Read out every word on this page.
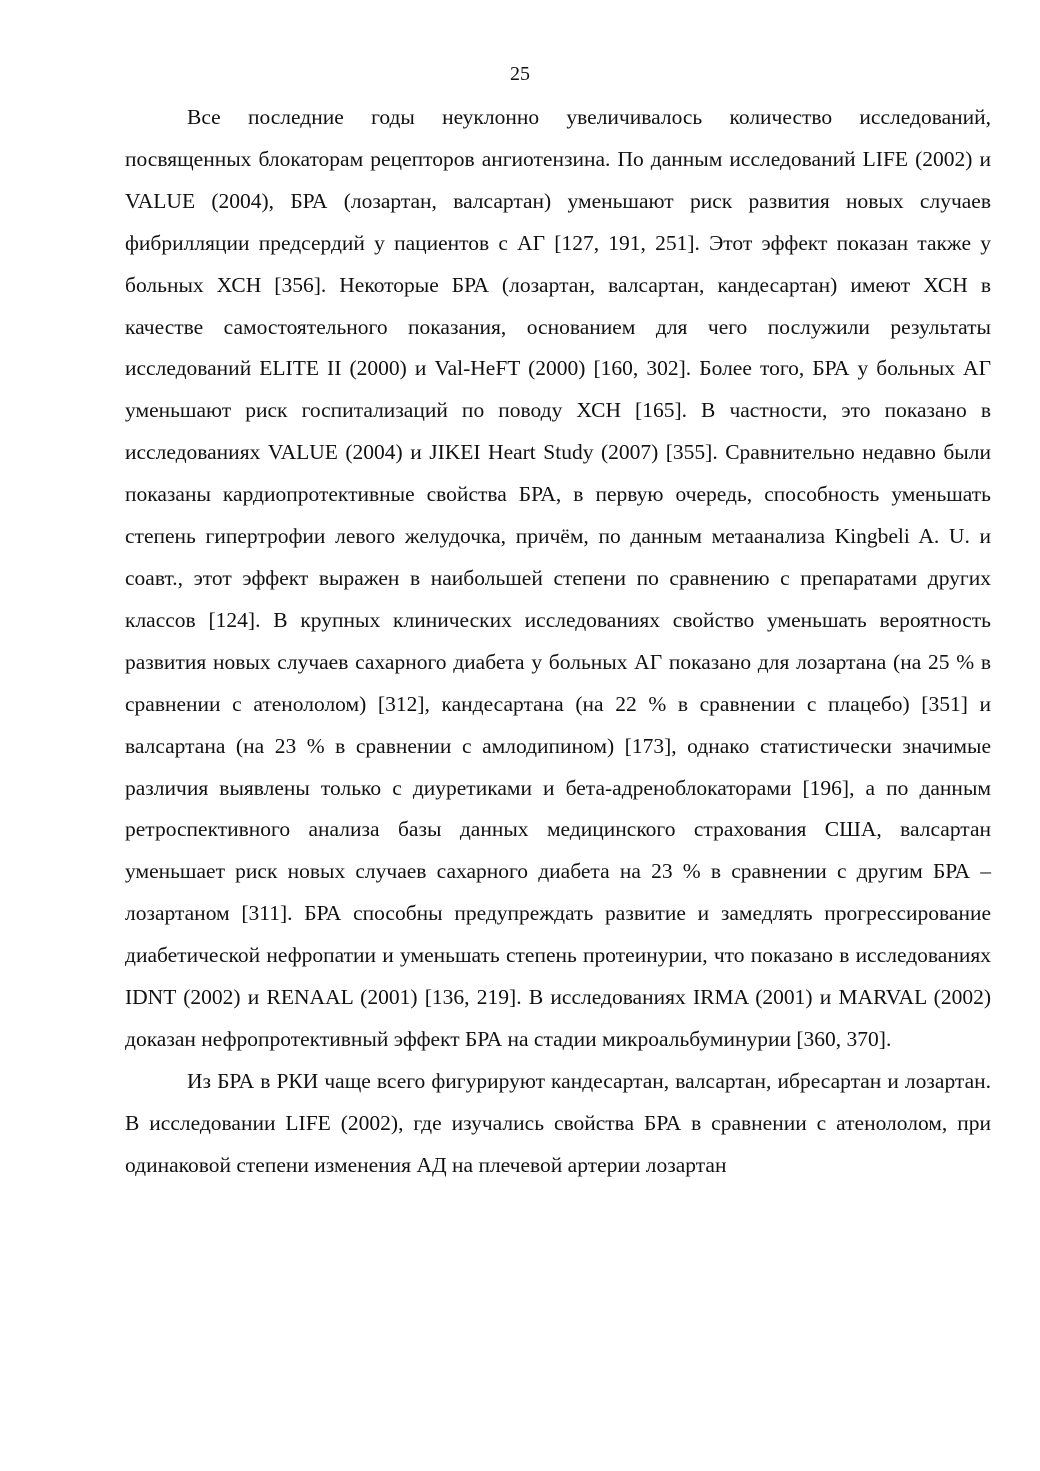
25

Все последние годы неуклонно увеличивалось количество исследований, посвященных блокаторам рецепторов ангиотензина. По данным исследований LIFE (2002) и VALUE (2004), БРА (лозартан, валсартан) уменьшают риск развития новых случаев фибрилляции предсердий у пациентов с АГ [127, 191, 251]. Этот эффект показан также у больных ХСН [356]. Некоторые БРА (лозартан, валсартан, кандесартан) имеют ХСН в качестве самостоятельного показания, основанием для чего послужили результаты исследований ELITE II (2000) и Val-HeFT (2000) [160, 302]. Более того, БРА у больных АГ уменьшают риск госпитализаций по поводу ХСН [165]. В частности, это показано в исследованиях VALUE (2004) и JIKEI Heart Study (2007) [355]. Сравнительно недавно были показаны кардиопротективные свойства БРА, в первую очередь, способность уменьшать степень гипертрофии левого желудочка, причём, по данным метаанализа Kingbeli A. U. и соавт., этот эффект выражен в наибольшей степени по сравнению с препаратами других классов [124]. В крупных клинических исследованиях свойство уменьшать вероятность развития новых случаев сахарного диабета у больных АГ показано для лозартана (на 25 % в сравнении с атенололом) [312], кандесартана (на 22 % в сравнении с плацебо) [351] и валсартана (на 23 % в сравнении с амлодипином) [173], однако статистически значимые различия выявлены только с диуретиками и бета-адреноблокаторами [196], а по данным ретроспективного анализа базы данных медицинского страхования США, валсартан уменьшает риск новых случаев сахарного диабета на 23 % в сравнении с другим БРА – лозартаном [311]. БРА способны предупреждать развитие и замедлять прогрессирование диабетической нефропатии и уменьшать степень протеинурии, что показано в исследованиях IDNT (2002) и RENAAL (2001) [136, 219]. В исследованиях IRMA (2001) и MARVAL (2002) доказан нефропротективный эффект БРА на стадии микроальбуминурии [360, 370].

Из БРА в РКИ чаще всего фигурируют кандесартан, валсартан, ибресартан и лозартан. В исследовании LIFE (2002), где изучались свойства БРА в сравнении с атенололом, при одинаковой степени изменения АД на плечевой артерии лозартан
